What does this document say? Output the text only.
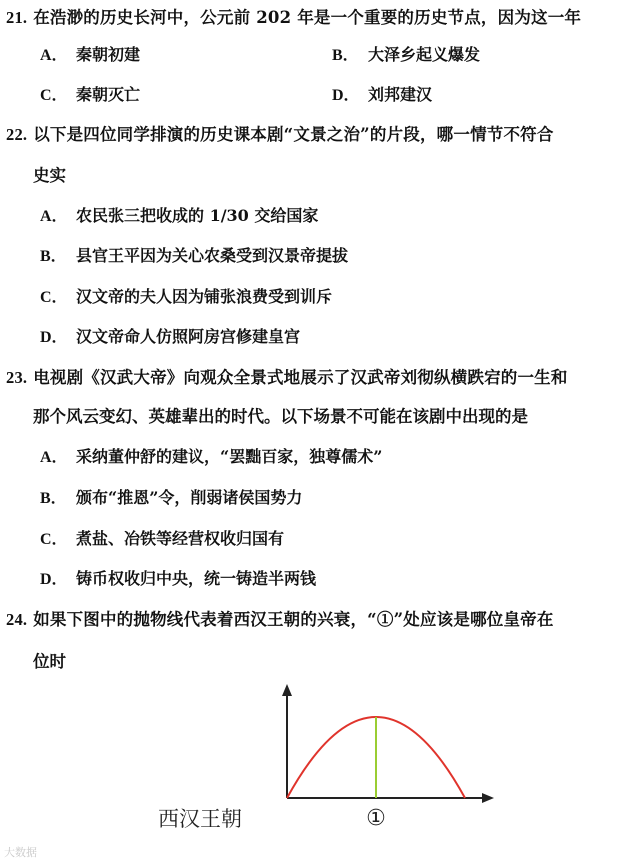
21. 在浩渺的历史长河中，公元前 202 年是一个重要的历史节点，因为这一年
A． 秦朝初建	B． 大泽乡起义爆发
C． 秦朝灭亡	D． 刘邦建汉
22. 以下是四位同学排演的历史课本剧“文景之治”的片段，哪一情节不符合
史实
A． 农民张三把收成的 1/30 交给国家
B． 县官王平因为关心农桑受到汉景帝提拔
C． 汉文帝的夫人因为铺张浪费受到训斥
D． 汉文帝命人仿照阿房宫修建皇宫
23. 电视剧《汉武大帝》向观众全景式地展示了汉武帝刘彻纵横跌宕的一生和
那个风云变幻、英雄辈出的时代。以下场景不可能在该剧中出现的是
A． 采纳董仲舒的建议，“罢黜百家，独尊儒术”
B． 颁布“推恩”令，削弱诸侯国势力
C． 煮盐、冶铁等经营权收归国有
D． 铸币权收归中央，统一铸造半两钱
24. 如果下图中的抛物线代表着西汉王朝的兴衰，“①”处应该是哪位皇帝在
位时
西汉王朝	①
大数据
